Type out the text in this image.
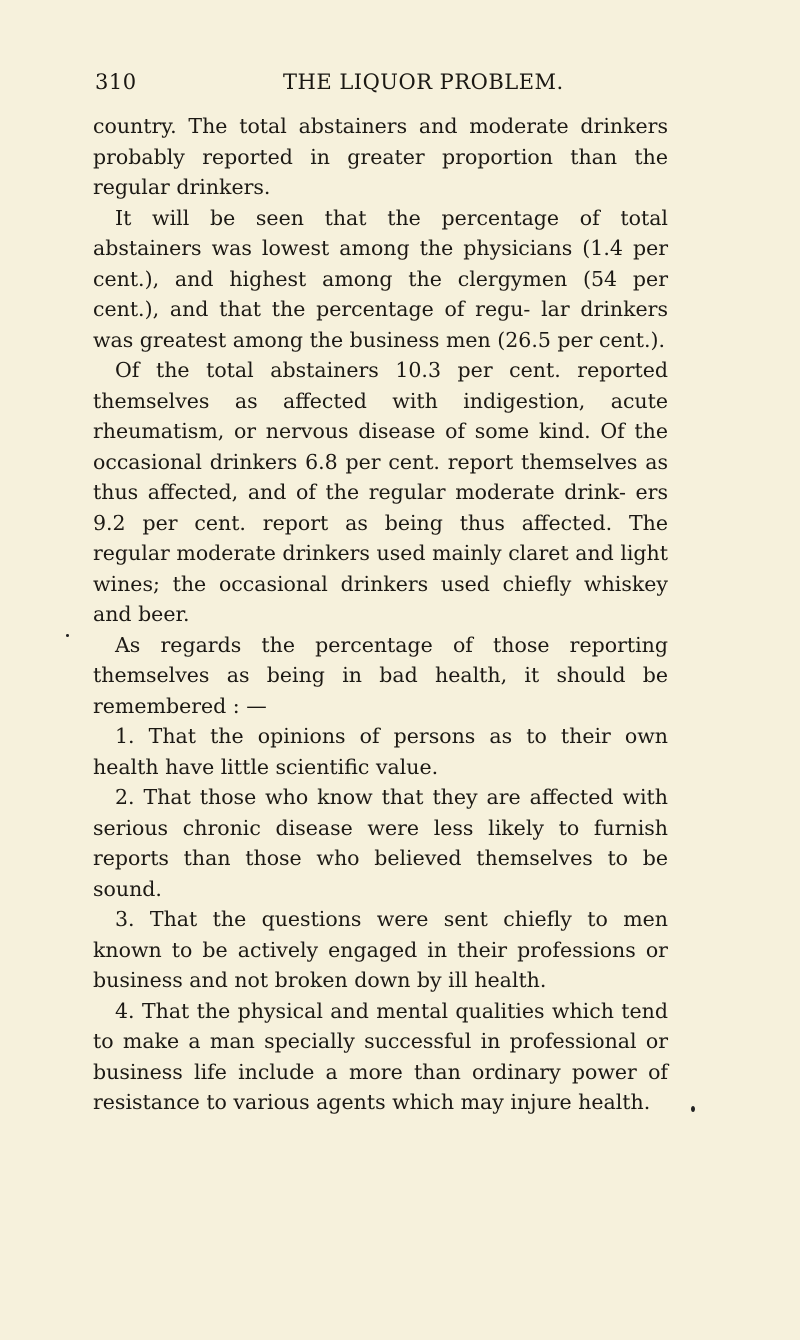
310	THE LIQUOR PROBLEM.

country. The total abstainers and moderate drinkers probably reported in greater proportion than the regular drinkers.

It will be seen that the percentage of total abstainers was lowest among the physicians (1.4 per cent.), and highest among the clergymen (54 per cent.), and that the percentage of regu- lar drinkers was greatest among the business men (26.5 per cent.).

Of the total abstainers 10.3 per cent. reported themselves as affected with indigestion, acute rheumatism, or nervous disease of some kind. Of the occasional drinkers 6.8 per cent. report themselves as thus affected, and of the regular moderate drink- ers 9.2 per cent. report as being thus affected. The regular moderate drinkers used mainly claret and light wines; the occasional drinkers used chiefly whiskey and beer.

As regards the percentage of those reporting themselves as being in bad health, it should be remembered : —

1. That the opinions of persons as to their own health have little scientific value.

2. That those who know that they are affected with serious chronic disease were less likely to furnish reports than those who believed themselves to be sound.

3. That the questions were sent chiefly to men known to be actively engaged in their professions or business and not broken down by ill health.

4. That the physical and mental qualities which tend to make a man specially successful in professional or business life include a more than ordinary power of resistance to various agents which may injure health.
